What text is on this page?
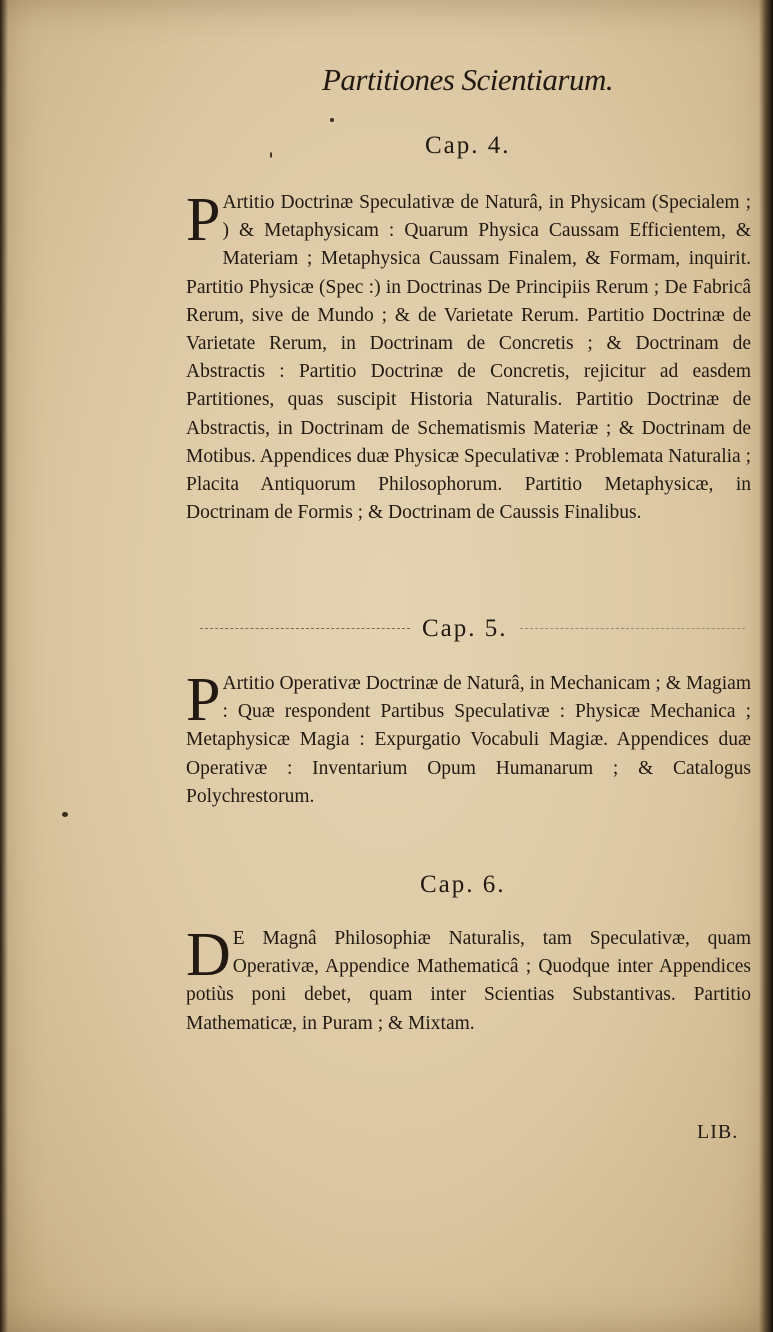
Partitiones Scientiarum.
Cap. 4.
P Artitio Doctrinæ Speculativæ de Naturâ, in Physicam (Specialem ; ) & Metaphysicam : Quarum Physica Caussam Efficientem, & Materiam ; Metaphysica Caussam Finalem, & Formam, inquirit. Partitio Physicæ (Spec :) in Doctrinas De Principiis Rerum ; De Fabricâ Rerum, sive de Mundo ; & de Varietate Rerum. Partitio Doctrinæ de Varietate Rerum, in Doctrinam de Concretis ; & Doctrinam de Abstractis : Partitio Doctrinæ de Concretis, rejicitur ad easdem Partitiones, quas suscipit Historia Naturalis. Partitio Doctrinæ de Abstractis, in Doctrinam de Schematismis Materiæ ; & Doctrinam de Motibus. Appendices duæ Physicæ Speculativæ : Problemata Naturalia ; Placita Antiquorum Philosophorum. Partitio Metaphysicæ, in Doctrinam de Formis ; & Doctrinam de Caussis Finalibus.
Cap. 5.
P Artitio Operativæ Doctrinæ de Naturâ, in Mechanicam ; & Magiam : Quæ respondent Partibus Speculativæ : Physicæ Mechanica ; Metaphysicæ Magia : Expurgatio Vocabuli Magiæ. Appendices duæ Operativæ : Inventarium Opum Humanarum ; & Catalogus Polychrestorum.
Cap. 6.
D E Magnâ Philosophiæ Naturalis, tam Speculativæ, quam Operativæ, Appendice Mathematicâ ; Quodque inter Appendices potiùs poni debet, quam inter Scientias Substantivas. Partitio Mathematicæ, in Puram ; & Mixtam.
LIB.
